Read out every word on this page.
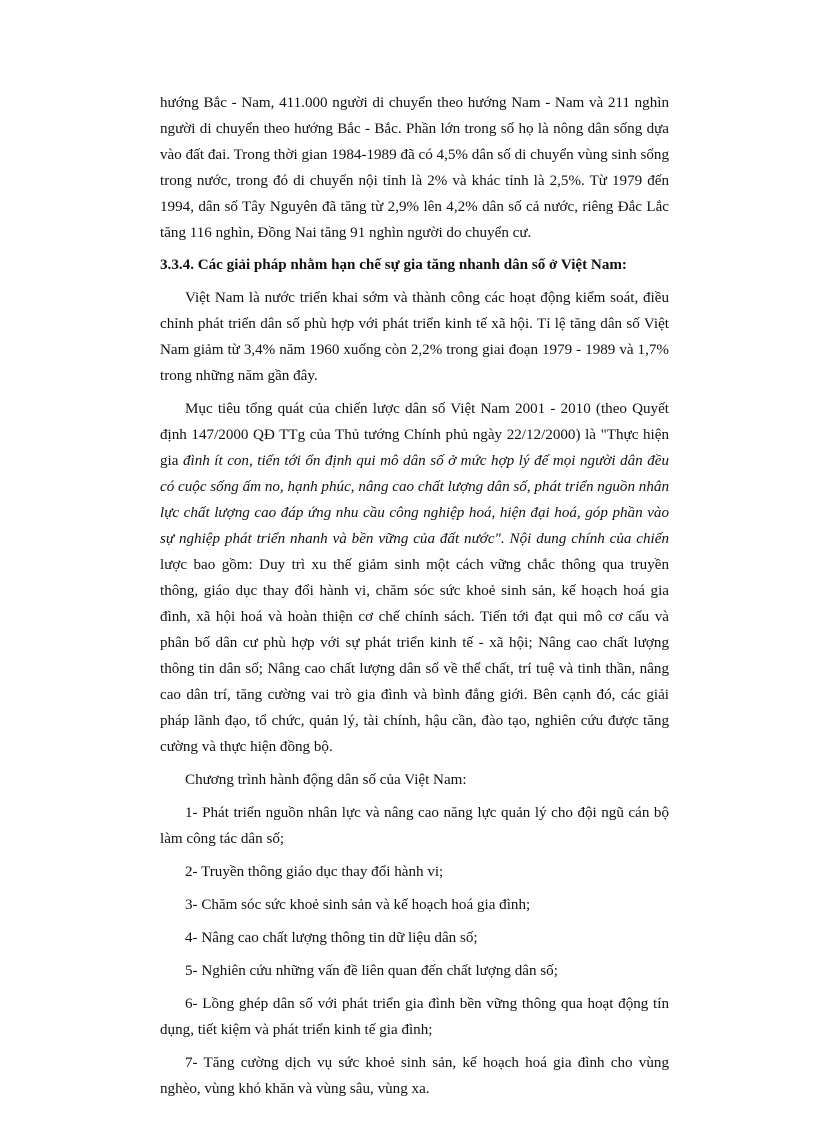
hướng Bắc - Nam, 411.000 người di chuyển theo hướng Nam - Nam và 211 nghìn người di chuyển theo hướng Bắc - Bắc. Phần lớn trong số họ là nông dân sống dựa vào đất đai. Trong thời gian 1984-1989 đã có 4,5% dân số di chuyển vùng sinh sống trong nước, trong đó di chuyển nội tỉnh là 2% và khác tỉnh là 2,5%. Từ 1979 đến 1994, dân số Tây Nguyên đã tăng từ 2,9% lên 4,2% dân số cả nước, riêng Đắc Lắc tăng 116 nghìn, Đồng Nai tăng 91 nghìn người do chuyển cư.

3.3.4. Các giải pháp nhằm hạn chế sự gia tăng nhanh dân số ở Việt Nam:

Việt Nam là nước triển khai sớm và thành công các hoạt động kiểm soát, điều chỉnh phát triển dân số phù hợp với phát triển kinh tế xã hội. Tỉ lệ tăng dân số Việt Nam giảm từ 3,4% năm 1960 xuống còn 2,2% trong giai đoạn 1979 - 1989 và 1,7% trong những năm gần đây.

Mục tiêu tổng quát của chiến lược dân số Việt Nam 2001 - 2010 (theo Quyết định 147/2000 QĐ TTg của Thủ tướng Chính phủ ngày 22/12/2000) là "Thực hiện gia đình ít con, tiến tới ổn định qui mô dân số ở mức hợp lý để mọi người dân đều có cuộc sống ấm no, hạnh phúc, nâng cao chất lượng dân số, phát triển nguồn nhân lực chất lượng cao đáp ứng nhu cầu công nghiệp hoá, hiện đại hoá, góp phần vào sự nghiệp phát triển nhanh và bền vững của đất nước". Nội dung chính của chiến lược bao gồm: Duy trì xu thế giảm sinh một cách vững chắc thông qua truyền thông, giáo dục thay đổi hành vi, chăm sóc sức khoẻ sinh sản, kế hoạch hoá gia đình, xã hội hoá và hoàn thiện cơ chế chính sách. Tiến tới đạt qui mô cơ cấu và phân bố dân cư phù hợp với sự phát triển kinh tế - xã hội; Nâng cao chất lượng thông tin dân số; Nâng cao chất lượng dân số về thể chất, trí tuệ và tinh thần, nâng cao dân trí, tăng cường vai trò gia đình và bình đẳng giới. Bên cạnh đó, các giải pháp lãnh đạo, tổ chức, quản lý, tài chính, hậu cần, đào tạo, nghiên cứu được tăng cường và thực hiện đồng bộ.

Chương trình hành động dân số của Việt Nam:

1- Phát triển nguồn nhân lực và nâng cao năng lực quản lý cho đội ngũ cán bộ làm công tác dân số;

2- Truyền thông giáo dục thay đổi hành vi;

3- Chăm sóc sức khoẻ sinh sản và kế hoạch hoá gia đình;

4- Nâng cao chất lượng thông tin dữ liệu dân số;

5- Nghiên cứu những vấn đề liên quan đến chất lượng dân số;

6- Lồng ghép dân số với phát triển gia đình bền vững thông qua hoạt động tín dụng, tiết kiệm và phát triển kinh tế gia đình;

7- Tăng cường dịch vụ sức khoẻ sinh sản, kế hoạch hoá gia đình cho vùng nghèo, vùng khó khăn và vùng sâu, vùng xa.
